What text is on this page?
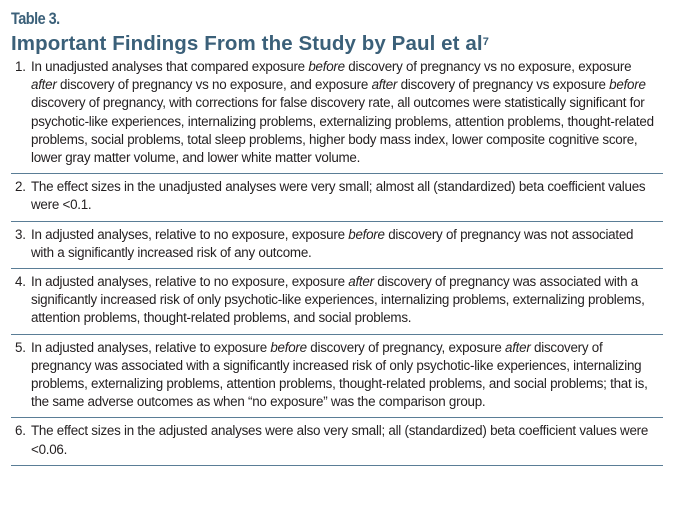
Table 3.
Important Findings From the Study by Paul et $al^7$
1. In unadjusted analyses that compared exposure before discovery of pregnancy vs no exposure, exposure after discovery of pregnancy vs no exposure, and exposure after discovery of pregnancy vs exposure before discovery of pregnancy, with corrections for false discovery rate, all outcomes were statistically significant for psychotic-like experiences, internalizing problems, externalizing problems, attention problems, thought-related problems, social problems, total sleep problems, higher body mass index, lower composite cognitive score, lower gray matter volume, and lower white matter volume.
2. The effect sizes in the unadjusted analyses were very small; almost all (standardized) beta coefficient values were <0.1.
3. In adjusted analyses, relative to no exposure, exposure before discovery of pregnancy was not associated with a significantly increased risk of any outcome.
4. In adjusted analyses, relative to no exposure, exposure after discovery of pregnancy was associated with a significantly increased risk of only psychotic-like experiences, internalizing problems, externalizing problems, attention problems, thought-related problems, and social problems.
5. In adjusted analyses, relative to exposure before discovery of pregnancy, exposure after discovery of pregnancy was associated with a significantly increased risk of only psychotic-like experiences, internalizing problems, externalizing problems, attention problems, thought-related problems, and social problems; that is, the same adverse outcomes as when “no exposure” was the comparison group.
6. The effect sizes in the adjusted analyses were also very small; all (standardized) beta coefficient values were <0.06.
